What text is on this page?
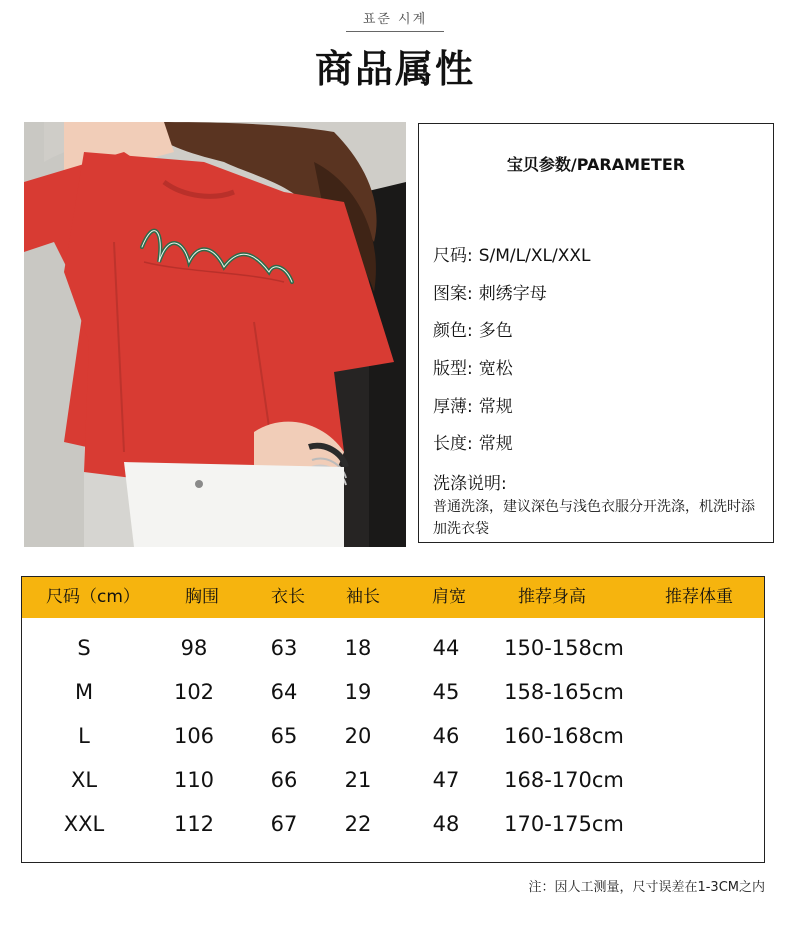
표준 시계
商品属性
宝贝参数/PARAMETER
尺码: S/M/L/XL/XXL
图案: 刺绣字母
颜色: 多色
版型: 宽松
厚薄: 常规
长度: 常规
洗涤说明:
普通洗涤，建议深色与浅色衣服分开洗涤，机洗时添加洗衣袋
尺码（cm）	胸围	衣长 袖长	肩宽	推荐身高	推荐体重
S	98	63	18	44	150-158cm
M	102	64	19	45	158-165cm
L	106	65	20	46	160-168cm
XL	110	66	21	47	168-170cm
XXL	112	67	22	48	170-175cm
注：因人工测量，尺寸误差在1-3CM之内
